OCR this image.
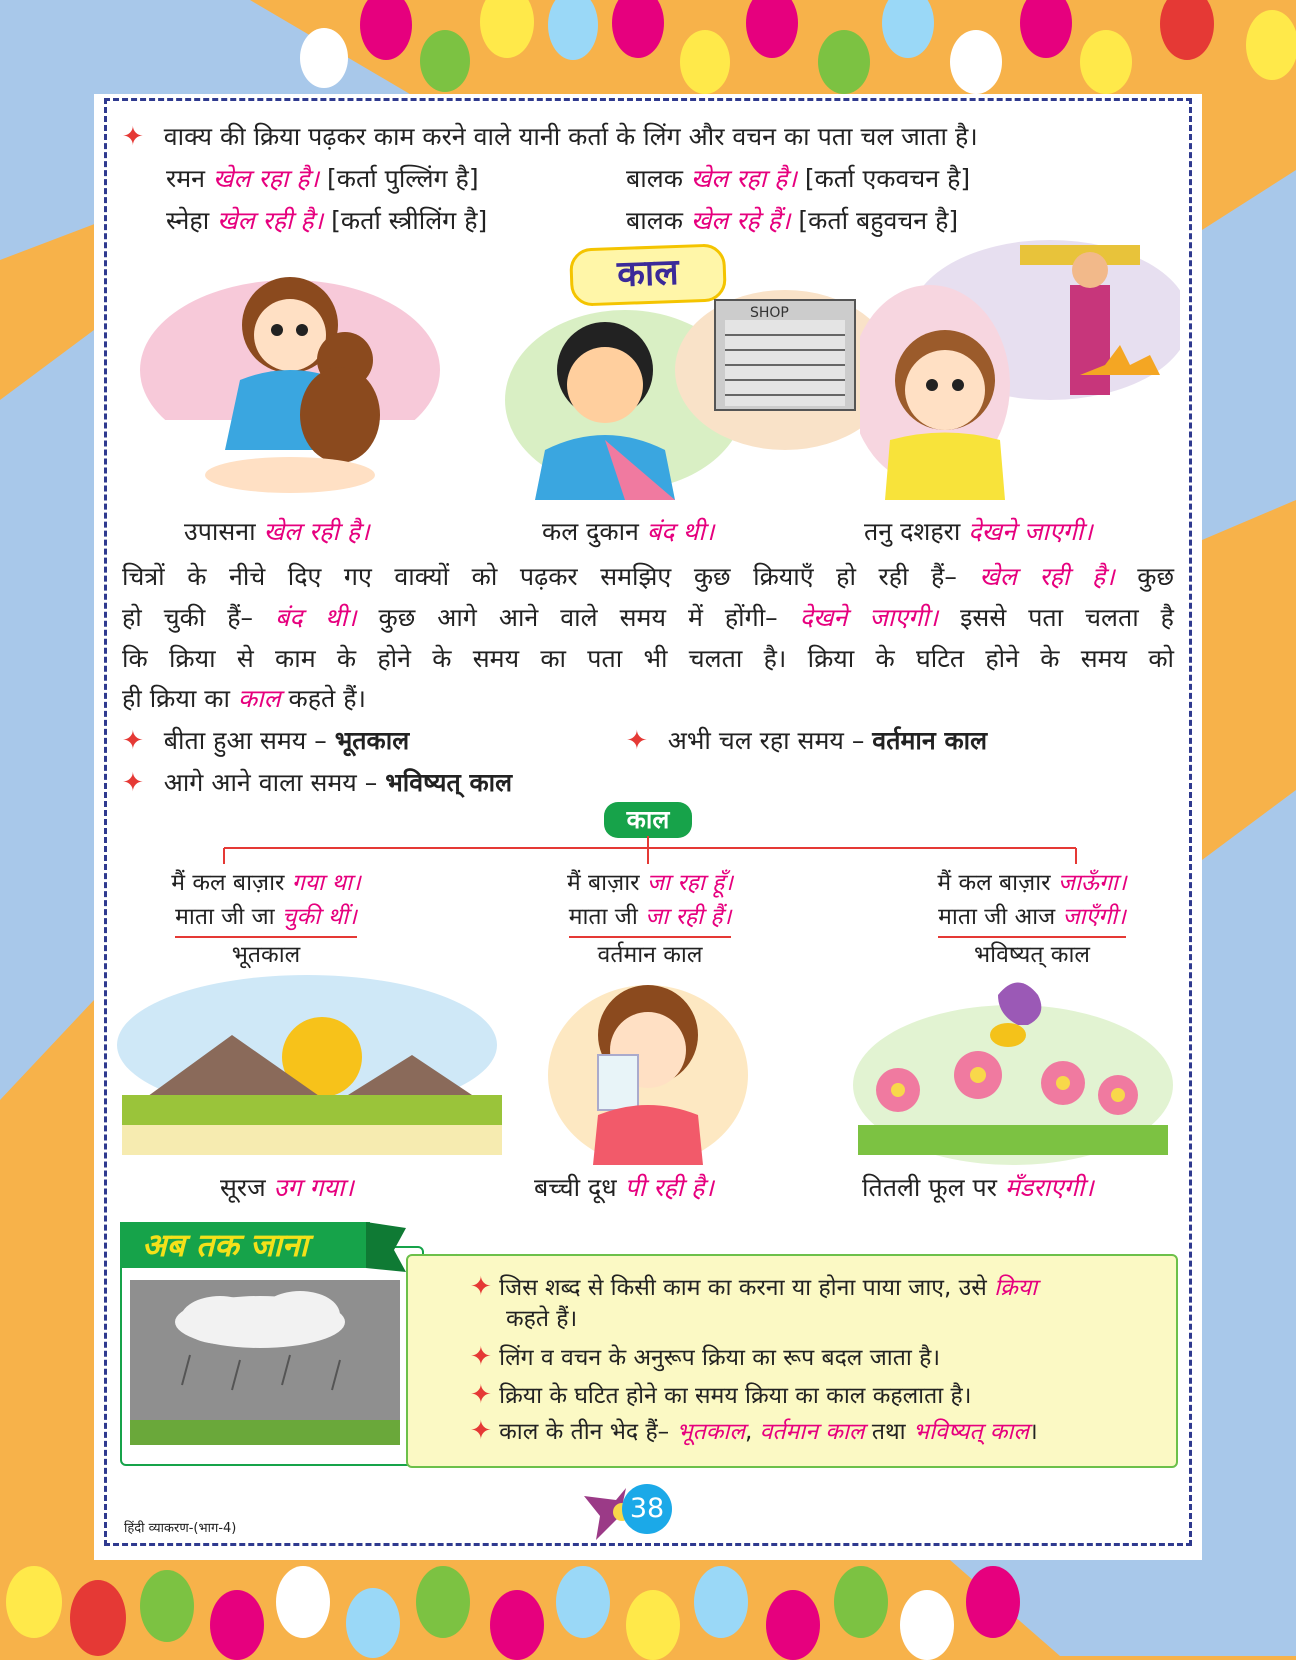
✦ वाक्य की क्रिया पढ़कर काम करने वाले यानी कर्ता के लिंग और वचन का पता चल जाता है।
रमन खेल रहा है। [कर्ता पुल्लिंग है]	बालक खेल रहा है। [कर्ता एकवचन है]
स्नेहा खेल रही है। [कर्ता स्त्रीलिंग है]	बालक खेल रहे हैं। [कर्ता बहुवचन है]
काल
SHOP
उपासना खेल रही है।	कल दुकान बंद थी।	तनु दशहरा देखने जाएगी।
चित्रों के नीचे दिए गए वाक्यों को पढ़कर समझिए कुछ क्रियाएँ हो रही हैं– खेल रही है। कुछ
हो चुकी हैं– बंद थी। कुछ आगे आने वाले समय में होंगी– देखने जाएगी। इससे पता चलता है
कि क्रिया से काम के होने के समय का पता भी चलता है। क्रिया के घटित होने के समय को
ही क्रिया का काल कहते हैं।
✦ बीता हुआ समय – भूतकाल	✦ अभी चल रहा समय – वर्तमान काल
✦ आगे आने वाला समय – भविष्यत् काल
काल
मैं कल बाज़ार गया था।
माता जी जा चुकी थीं।
भूतकाल
मैं बाज़ार जा रहा हूँ।
माता जी जा रही हैं।
वर्तमान काल
मैं कल बाज़ार जाऊँगा।
माता जी आज जाएँगी।
भविष्यत् काल
सूरज उग गया।	बच्ची दूध पी रही है।	तितली फूल पर मँडराएगी।
अब तक जाना
✦ जिस शब्द से किसी काम का करना या होना पाया जाए, उसे क्रिया
कहते हैं।
✦ लिंग व वचन के अनुरूप क्रिया का रूप बदल जाता है।
✦ क्रिया के घटित होने का समय क्रिया का काल कहलाता है।
✦ काल के तीन भेद हैं– भूतकाल, वर्तमान काल तथा भविष्यत् काल।
हिंदी व्याकरण-(भाग-4)
38
